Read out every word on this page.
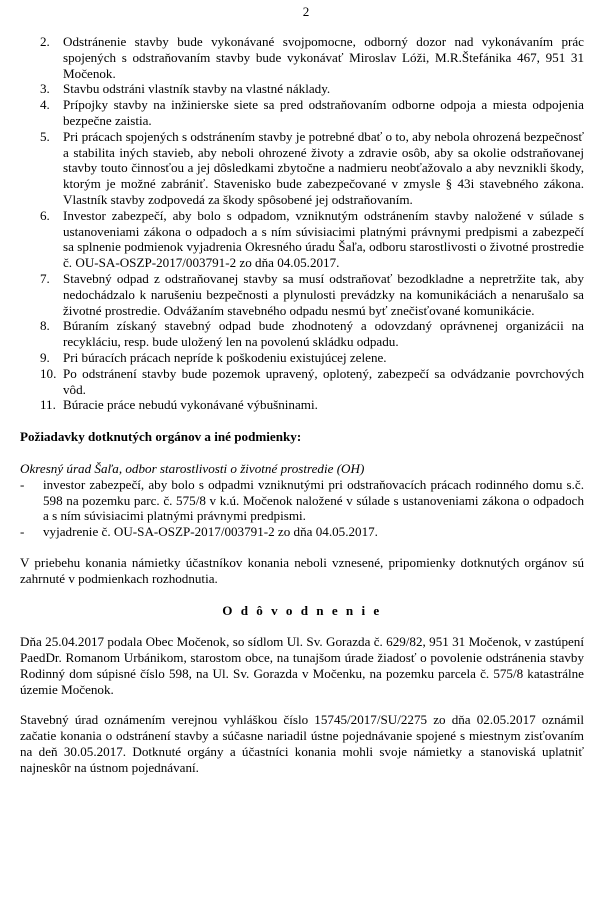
2
2. Odstránenie stavby bude vykonávané svojpomocne, odborný dozor nad vykonávaním prác spojených s odstraňovaním stavby bude vykonávať Miroslav Lóži, M.R.Štefánika 467, 951 31 Močenok.
3. Stavbu odstráni vlastník stavby na vlastné náklady.
4. Prípojky stavby na inžinierske siete sa pred odstraňovaním odborne odpoja a miesta odpojenia bezpečne zaistia.
5. Pri prácach spojených s odstránením stavby je potrebné dbať o to, aby nebola ohrozená bezpečnosť a stabilita iných stavieb, aby neboli ohrozené životy a zdravie osôb, aby sa okolie odstraňovanej stavby touto činnosťou a jej dôsledkami zbytočne a nadmieru neobťažovalo a aby nevznikli škody, ktorým je možné zabrániť. Stavenisko bude zabezpečované v zmysle § 43i stavebného zákona. Vlastník stavby zodpovedá za škody spôsobené jej odstraňovaním.
6. Investor zabezpečí, aby bolo s odpadom, vzniknutým odstránením stavby naložené v súlade s ustanoveniami zákona o odpadoch a s ním súvisiacimi platnými právnymi predpismi a zabezpečí sa splnenie podmienok vyjadrenia Okresného úradu Šaľa, odboru starostlivosti o životné prostredie č. OU-SA-OSZP-2017/003791-2 zo dňa 04.05.2017.
7. Stavebný odpad z odstraňovanej stavby sa musí odstraňovať bezodkladne a nepretržite tak, aby nedochádzalo k narušeniu bezpečnosti a plynulosti prevádzky na komunikáciách a nenarušalo sa životné prostredie. Odvážaním stavebného odpadu nesmú byť znečisťované komunikácie.
8. Búraním získaný stavebný odpad bude zhodnotený a odovzdaný oprávnenej organizácii na recykláciu, resp. bude uložený len na povolenú skládku odpadu.
9. Pri búracích prácach nepríde k poškodeniu existujúcej zelene.
10. Po odstránení stavby bude pozemok upravený, oplotený, zabezpečí sa odvádzanie povrchových vôd.
11. Búracie práce nebudú vykonávané výbušninami.
Požiadavky dotknutých orgánov a iné podmienky:
Okresný úrad Šaľa, odbor starostlivosti o životné prostredie (OH)
- investor zabezpečí, aby bolo s odpadmi vzniknutými pri odstraňovacích prácach rodinného domu s.č. 598 na pozemku parc. č. 575/8 v k.ú. Močenok naložené v súlade s ustanoveniami zákona o odpadoch a s ním súvisiacimi platnými právnymi predpismi.
- vyjadrenie č. OU-SA-OSZP-2017/003791-2 zo dňa 04.05.2017.

V priebehu konania námietky účastníkov konania neboli vznesené, pripomienky dotknutých orgánov sú zahrnuté v podmienkach rozhodnutia.

O d ô v o d n e n i e

Dňa 25.04.2017 podala Obec Močenok, so sídlom Ul. Sv. Gorazda č. 629/82, 951 31 Močenok, v zastúpení PaedDr. Romanom Urbánikom, starostom obce, na tunajšom úrade žiadosť o povolenie odstránenia stavby Rodinný dom súpisné číslo 598, na Ul. Sv. Gorazda v Močenku, na pozemku parcela č. 575/8 katastrálne územie Močenok.

Stavebný úrad oznámením verejnou vyhláškou číslo 15745/2017/SU/2275 zo dňa 02.05.2017 oznámil začatie konania o odstránení stavby a súčasne nariadil ústne pojednávanie spojené s miestnym zisťovaním na deň 30.05.2017. Dotknuté orgány a účastníci konania mohli svoje námietky a stanoviská uplatniť najneskôr na ústnom pojednávaní.
